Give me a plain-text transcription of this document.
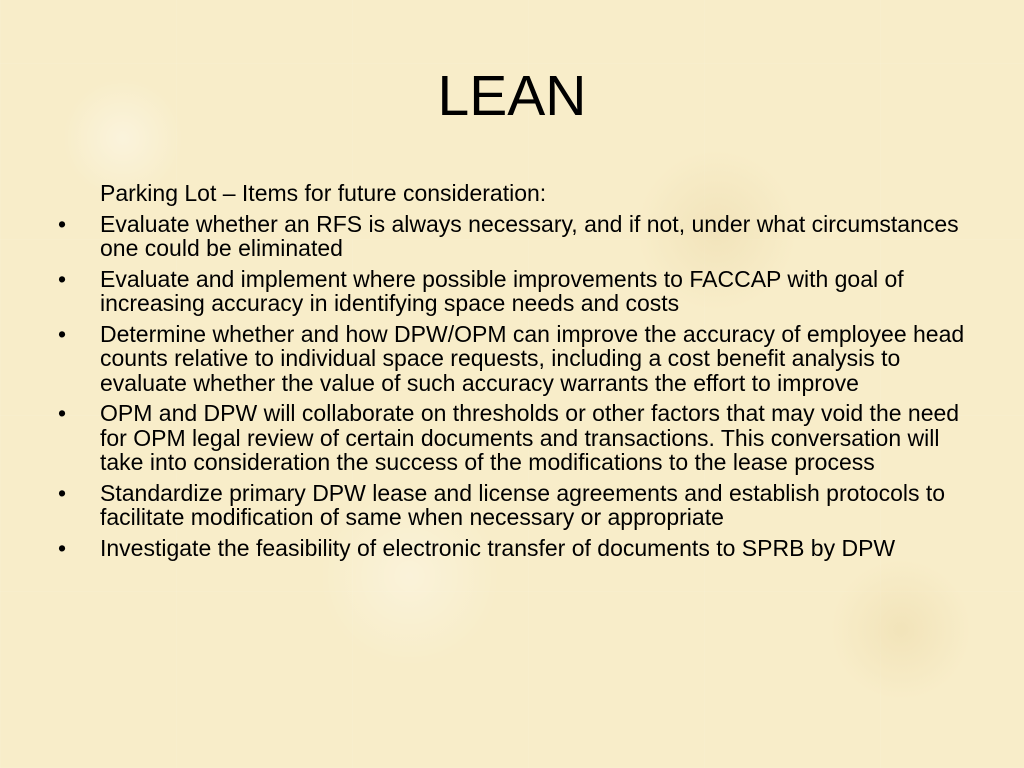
LEAN
Parking Lot – Items for future consideration:
• Evaluate whether an RFS is always necessary, and if not, under what circumstances one could be eliminated
• Evaluate and implement where possible improvements to FACCAP with goal of increasing accuracy in identifying space needs and costs
• Determine whether and how DPW/OPM can improve the accuracy of employee head counts relative to individual space requests, including a cost benefit analysis to evaluate whether the value of such accuracy warrants the effort to improve
• OPM and DPW will collaborate on thresholds or other factors that may void the need for OPM legal review of certain documents and transactions. This conversation will take into consideration the success of the modifications to the lease process
• Standardize primary DPW lease and license agreements and establish protocols to facilitate modification of same when necessary or appropriate
• Investigate the feasibility of electronic transfer of documents to SPRB by DPW
